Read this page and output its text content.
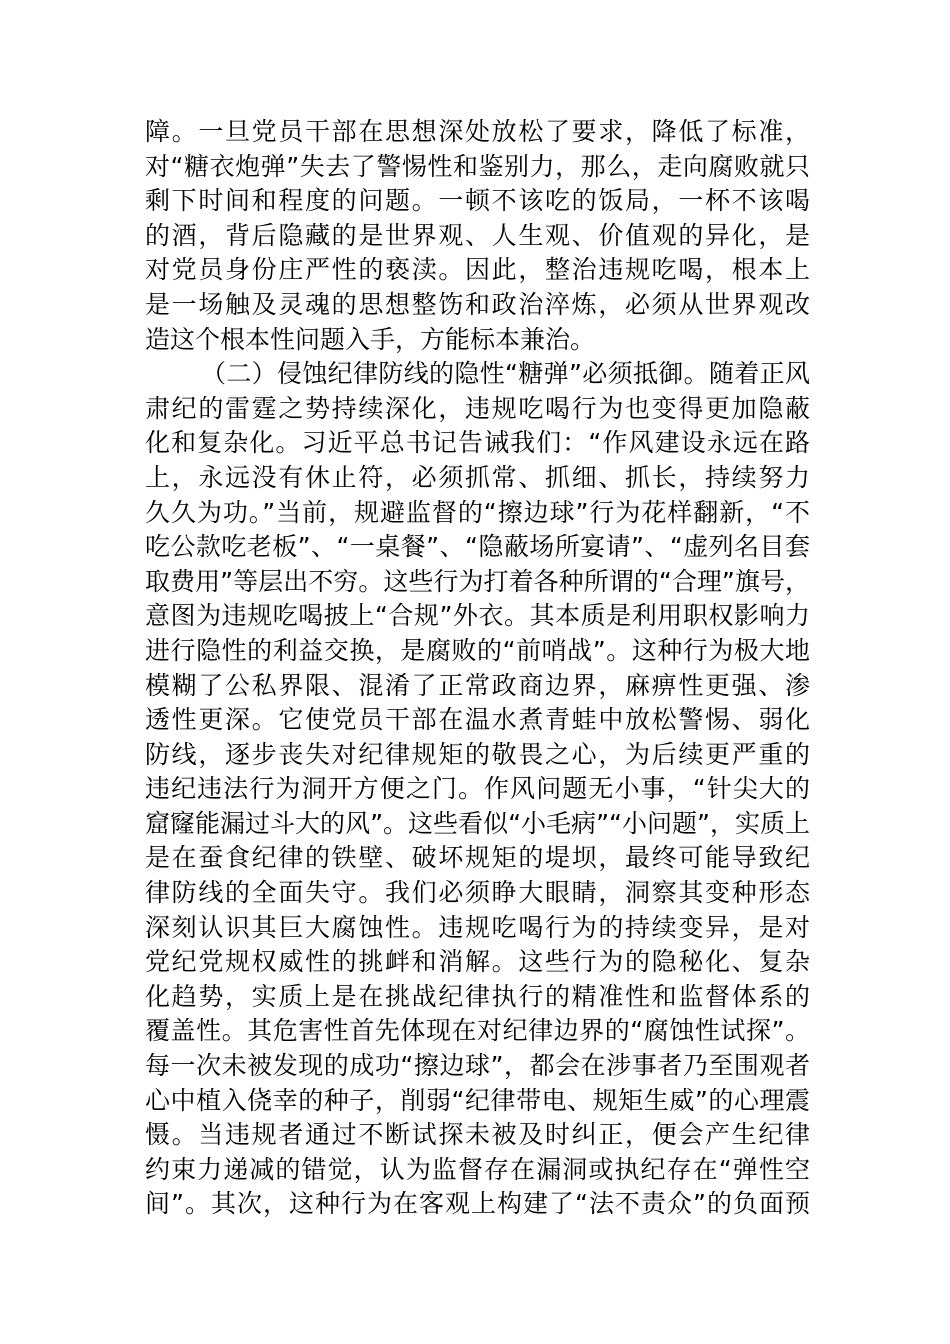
障。一旦党员干部在思想深处放松了要求，降低了标准，
对“糖衣炮弹”失去了警惕性和鉴别力，那么，走向腐败就只
剩下时间和程度的问题。一顿不该吃的饭局，一杯不该喝
的酒，背后隐藏的是世界观、人生观、价值观的异化，是
对党员身份庄严性的亵渎。因此，整治违规吃喝，根本上
是一场触及灵魂的思想整饬和政治淬炼，必须从世界观改
造这个根本性问题入手，方能标本兼治。
（二）侵蚀纪律防线的隐性“糖弹”必须抵御。随着正风
肃纪的雷霆之势持续深化，违规吃喝行为也变得更加隐蔽
化和复杂化。习近平总书记告诫我们：“作风建设永远在路
上，永远没有休止符，必须抓常、抓细、抓长，持续努力
久久为功。”当前，规避监督的“擦边球”行为花样翻新，“不
吃公款吃老板”、“一桌餐”、“隐蔽场所宴请”、“虚列名目套
取费用”等层出不穷。这些行为打着各种所谓的“合理”旗号，
意图为违规吃喝披上“合规”外衣。其本质是利用职权影响力
进行隐性的利益交换，是腐败的“前哨战”。这种行为极大地
模糊了公私界限、混淆了正常政商边界，麻痹性更强、渗
透性更深。它使党员干部在温水煮青蛙中放松警惕、弱化
防线，逐步丧失对纪律规矩的敬畏之心，为后续更严重的
违纪违法行为洞开方便之门。作风问题无小事，“针尖大的
窟窿能漏过斗大的风”。这些看似“小毛病”“小问题”，实质上
是在蚕食纪律的铁壁、破坏规矩的堤坝，最终可能导致纪
律防线的全面失守。我们必须睁大眼睛，洞察其变种形态
深刻认识其巨大腐蚀性。违规吃喝行为的持续变异，是对
党纪党规权威性的挑衅和消解。这些行为的隐秘化、复杂
化趋势，实质上是在挑战纪律执行的精准性和监督体系的
覆盖性。其危害性首先体现在对纪律边界的“腐蚀性试探”。
每一次未被发现的成功“擦边球”，都会在涉事者乃至围观者
心中植入侥幸的种子，削弱“纪律带电、规矩生威”的心理震
慑。当违规者通过不断试探未被及时纠正，便会产生纪律
约束力递减的错觉，认为监督存在漏洞或执纪存在“弹性空
间”。其次，这种行为在客观上构建了“法不责众”的负面预
